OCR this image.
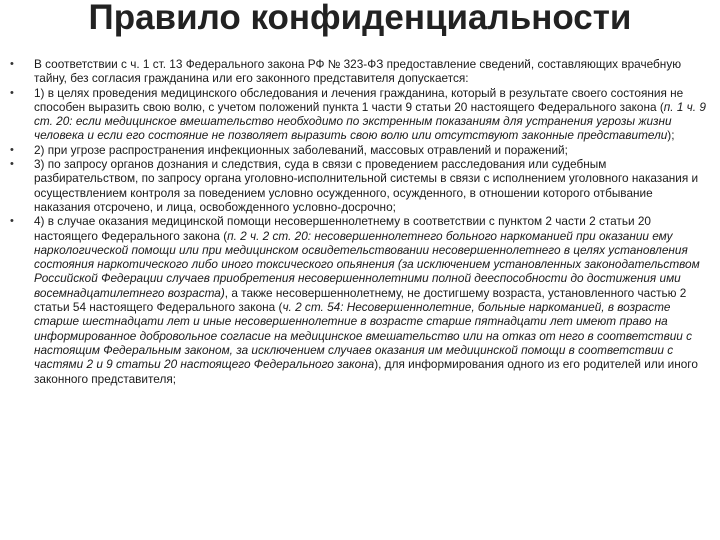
Правило конфиденциальности
• В соответствии с ч. 1 ст. 13 Федерального закона РФ № 323-ФЗ предоставление сведений, составляющих врачебную тайну, без согласия гражданина или его законного представителя допускается:
• 1) в целях проведения медицинского обследования и лечения гражданина, который в результате своего состояния не способен выразить свою волю, с учетом положений пункта 1 части 9 статьи 20 настоящего Федерального закона (п. 1 ч. 9 ст. 20: если медицинское вмешательство необходимо по экстренным показаниям для устранения угрозы жизни человека и если его состояние не позволяет выразить свою волю или отсутствуют законные представители);
• 2) при угрозе распространения инфекционных заболеваний, массовых отравлений и поражений;
• 3) по запросу органов дознания и следствия, суда в связи с проведением расследования или судебным разбирательством, по запросу органа уголовно-исполнительной системы в связи с исполнением уголовного наказания и осуществлением контроля за поведением условно осужденного, осужденного, в отношении которого отбывание наказания отсрочено, и лица, освобожденного условно-досрочно;
• 4) в случае оказания медицинской помощи несовершеннолетнему в соответствии с пунктом 2 части 2 статьи 20 настоящего Федерального закона (п. 2 ч. 2 ст. 20: несовершеннолетнего больного наркоманией при оказании ему наркологической помощи или при медицинском освидетельствовании несовершеннолетнего в целях установления состояния наркотического либо иного токсического опьянения (за исключением установленных законодательством Российской Федерации случаев приобретения несовершеннолетними полной дееспособности до достижения ими восемнадцатилетнего возраста), а также несовершеннолетнему, не достигшему возраста, установленного частью 2 статьи 54 настоящего Федерального закона (ч. 2 ст. 54: Несовершеннолетние, больные наркоманией, в возрасте старше шестнадцати лет и иные несовершеннолетние в возрасте старше пятнадцати лет имеют право на информированное добровольное согласие на медицинское вмешательство или на отказ от него в соответствии с настоящим Федеральным законом, за исключением случаев оказания им медицинской помощи в соответствии с частями 2 и 9 статьи 20 настоящего Федерального закона), для информирования одного из его родителей или иного законного представителя;
